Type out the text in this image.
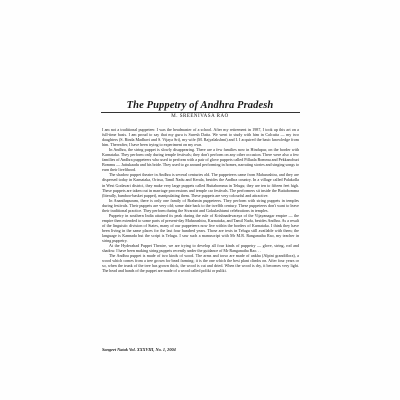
The Puppetry of Andhra Pradesh
M. SREENIVASA RAO

I am not a traditional puppeteer. I was the headmaster of a school. After my retirement in 1987, I took up this art on a full-time basis. I am proud to say that my guru is Suresh Datta. We went to study with him in Calcutta — my two daughters (S. Rinda Madhavi and S. Vijaya Sri), my wife (M. Rajyalakshmi) and I. I acquired the basic knowledge from him. Thereafter, I have been trying to experiment on my own.

In Andhra, the string puppet is slowly disappearing. There are a few families now in Hindupur, on the border with Karnataka. They perform only during temple festivals; they don't perform on any other occasion. There were also a few families of Andhra puppeteers who used to perform with a pair of glove puppets called Pillaala Bommu and Pekkanchuri Bommu — Juttukaadu and his bride. They used to go around performing in homes, narrating stories and singing songs to earn their livelihood.

The shadow puppet theatre in Andhra is several centuries old. The puppeteers came from Maharashtra, and they are dispersed today in Karnataka, Orissa, Tamil Nadu and Kerala, besides the Andhra country. In a village called Palakolla in West Godavari district, they make very large puppets called Buttabomma in Telugu; they are ten to fifteen feet high. These puppets are taken out in marriage processions and temple car festivals. The performers sit inside the Buttabomma (literally, bamboo-basket puppet), manipulating them. These puppets are very colourful and attractive.

In Ananthapuram, there is only one family of Brahmin puppeteers. They perform with string puppets in temples during festivals. Their puppets are very old; some date back to the twelfth century. These puppeteers don't want to leave their traditional practice. They perform during the Sivaratri and Gokulashtami celebrations in temples.

Puppetry in southern India attained its peak during the rule of Krishnadevaraya of the Vijayanagar empire — the empire then extended to some parts of present-day Maharashtra, Karnataka, and Tamil Nadu, besides Andhra. As a result of the linguistic division of States, many of our puppeteers now live within the borders of Karnataka. I think they have been living in the same places for the last four hundred years. Those are texts in Telugu still available with them; the language is Kannada but the script is Telugu. I saw such a manuscript with Mr M.R. Ranganatha Rao, my teacher in string puppetry.

At the Hyderabad Puppet Theatre, we are trying to develop all four kinds of puppetry — glove, string, rod and shadow. I have been making string puppets recently under the guidance of Mr Ranganatha Rao. . .

The Andhra puppet is made of two kinds of wood. The arms and torso are made of ankha (Alpini grandiflora), a wood which comes from a tree grown for bead farming; it is the one which the best plant climbs on. After four years or so, when the trunk of the tree has grown thick, the wood is cut and dried. When the wood is dry, it becomes very light. The head and hands of the puppet are made of a wood called poliki or puliki.

Sangeet Natak Vol. XXXVIII, No. 1, 2004
